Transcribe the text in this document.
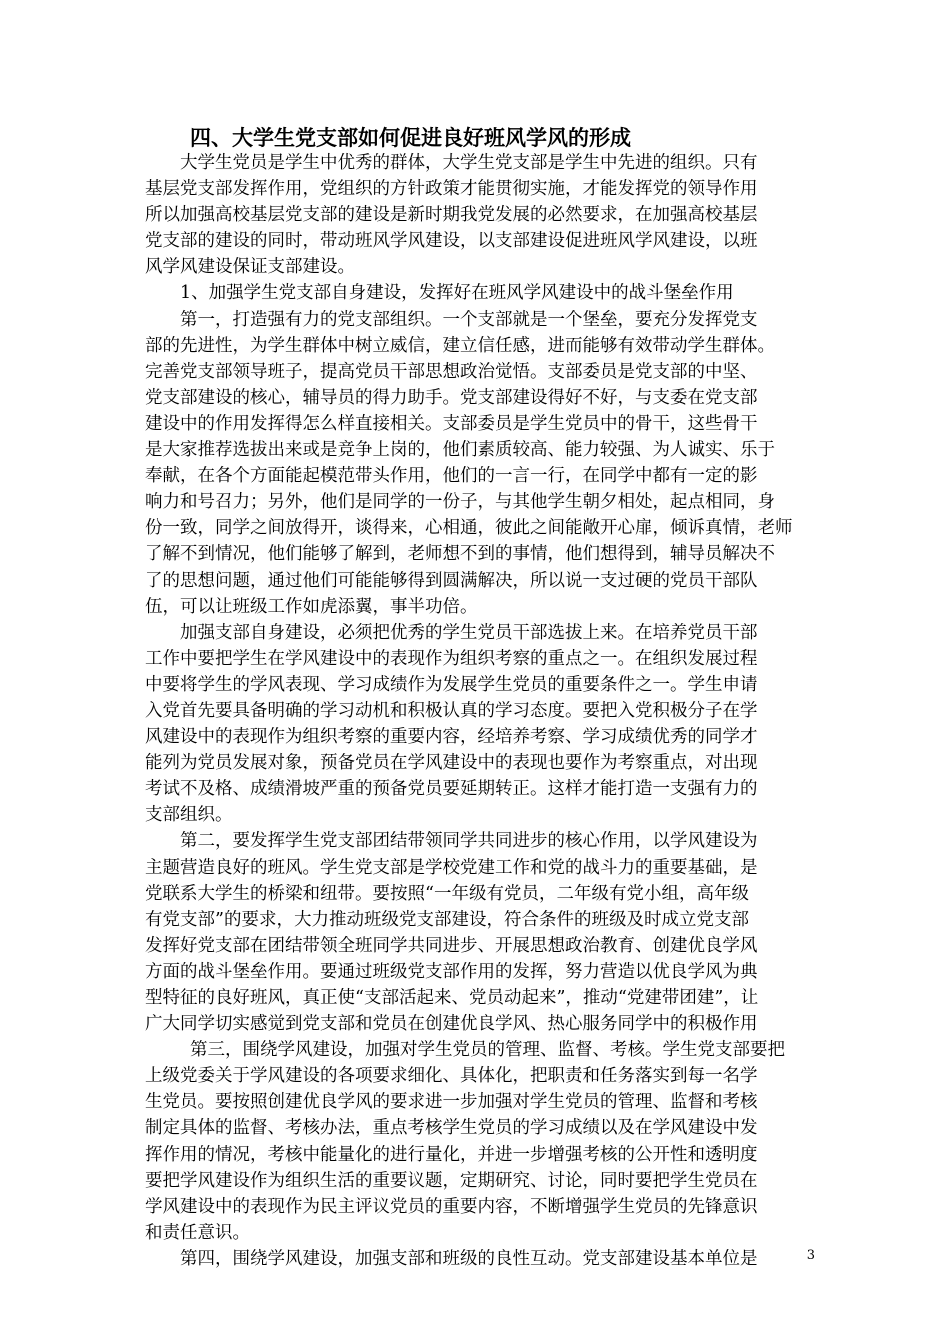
四、大学生党支部如何促进良好班风学风的形成
大学生党员是学生中优秀的群体，大学生党支部是学生中先进的组织。只有
基层党支部发挥作用，党组织的方针政策才能贯彻实施，才能发挥党的领导作用
所以加强高校基层党支部的建设是新时期我党发展的必然要求，在加强高校基层
党支部的建设的同时，带动班风学风建设，以支部建设促进班风学风建设，以班
风学风建设保证支部建设。
1、加强学生党支部自身建设，发挥好在班风学风建设中的战斗堡垒作用
第一，打造强有力的党支部组织。一个支部就是一个堡垒，要充分发挥党支
部的先进性，为学生群体中树立威信，建立信任感，进而能够有效带动学生群体。
完善党支部领导班子，提高党员干部思想政治觉悟。支部委员是党支部的中坚、
党支部建设的核心，辅导员的得力助手。党支部建设得好不好，与支委在党支部
建设中的作用发挥得怎么样直接相关。支部委员是学生党员中的骨干，这些骨干
是大家推荐选拔出来或是竞争上岗的，他们素质较高、能力较强、为人诚实、乐于
奉献，在各个方面能起模范带头作用，他们的一言一行，在同学中都有一定的影
响力和号召力；另外，他们是同学的一份子，与其他学生朝夕相处，起点相同，身
份一致，同学之间放得开，谈得来，心相通，彼此之间能敞开心扉，倾诉真情，老师
了解不到情况，他们能够了解到，老师想不到的事情，他们想得到，辅导员解决不
了的思想问题，通过他们可能能够得到圆满解决，所以说一支过硬的党员干部队
伍，可以让班级工作如虎添翼，事半功倍。
加强支部自身建设，必须把优秀的学生党员干部选拔上来。在培养党员干部
工作中要把学生在学风建设中的表现作为组织考察的重点之一。在组织发展过程
中要将学生的学风表现、学习成绩作为发展学生党员的重要条件之一。学生申请
入党首先要具备明确的学习动机和积极认真的学习态度。要把入党积极分子在学
风建设中的表现作为组织考察的重要内容，经培养考察、学习成绩优秀的同学才
能列为党员发展对象，预备党员在学风建设中的表现也要作为考察重点，对出现
考试不及格、成绩滑坡严重的预备党员要延期转正。这样才能打造一支强有力的
支部组织。
第二，要发挥学生党支部团结带领同学共同进步的核心作用，以学风建设为
主题营造良好的班风。学生党支部是学校党建工作和党的战斗力的重要基础，是
党联系大学生的桥梁和纽带。要按照“一年级有党员，二年级有党小组，高年级
有党支部”的要求，大力推动班级党支部建设，符合条件的班级及时成立党支部
发挥好党支部在团结带领全班同学共同进步、开展思想政治教育、创建优良学风
方面的战斗堡垒作用。要通过班级党支部作用的发挥，努力营造以优良学风为典
型特征的良好班风，真正使“支部活起来、党员动起来”，推动“党建带团建”，让
广大同学切实感觉到党支部和党员在创建优良学风、热心服务同学中的积极作用
第三，围绕学风建设，加强对学生党员的管理、监督、考核。学生党支部要把
上级党委关于学风建设的各项要求细化、具体化，把职责和任务落实到每一名学
生党员。要按照创建优良学风的要求进一步加强对学生党员的管理、监督和考核
制定具体的监督、考核办法，重点考核学生党员的学习成绩以及在学风建设中发
挥作用的情况，考核中能量化的进行量化，并进一步增强考核的公开性和透明度
要把学风建设作为组织生活的重要议题，定期研究、讨论，同时要把学生党员在
学风建设中的表现作为民主评议党员的重要内容，不断增强学生党员的先锋意识
和责任意识。
第四，围绕学风建设，加强支部和班级的良性互动。党支部建设基本单位是	3
